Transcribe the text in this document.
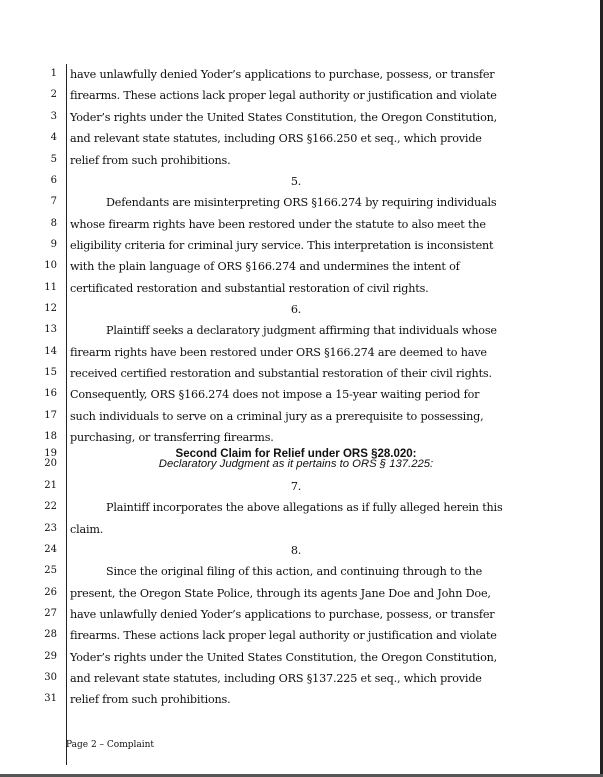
1
2
3
4
5
6
7
8
9
10
11
12
13
14
15
16
17
18
19
20
21
22
23
24
25
26
27
28
29
30
31
have unlawfully denied Yoder’s applications to purchase, possess, or transfer
firearms. These actions lack proper legal authority or justification and violate
Yoder’s rights under the United States Constitution, the Oregon Constitution,
and relevant state statutes, including ORS §166.250 et seq., which provide
relief from such prohibitions.
5.
Defendants are misinterpreting ORS §166.274 by requiring individuals
whose firearm rights have been restored under the statute to also meet the
eligibility criteria for criminal jury service. This interpretation is inconsistent
with the plain language of ORS §166.274 and undermines the intent of
certificated restoration and substantial restoration of civil rights.
6.
Plaintiff seeks a declaratory judgment affirming that individuals whose
firearm rights have been restored under ORS §166.274 are deemed to have
received certified restoration and substantial restoration of their civil rights.
Consequently, ORS §166.274 does not impose a 15-year waiting period for
such individuals to serve on a criminal jury as a prerequisite to possessing,
purchasing, or transferring firearms.
Second Claim for Relief under ORS §28.020:
Declaratory Judgment as it pertains to ORS § 137.225:
7.
Plaintiff incorporates the above allegations as if fully alleged herein this
claim.
8.
Since the original filing of this action, and continuing through to the
present, the Oregon State Police, through its agents Jane Doe and John Doe,
have unlawfully denied Yoder’s applications to purchase, possess, or transfer
firearms. These actions lack proper legal authority or justification and violate
Yoder’s rights under the United States Constitution, the Oregon Constitution,
and relevant state statutes, including ORS §137.225 et seq., which provide
relief from such prohibitions.
Page 2 – Complaint
